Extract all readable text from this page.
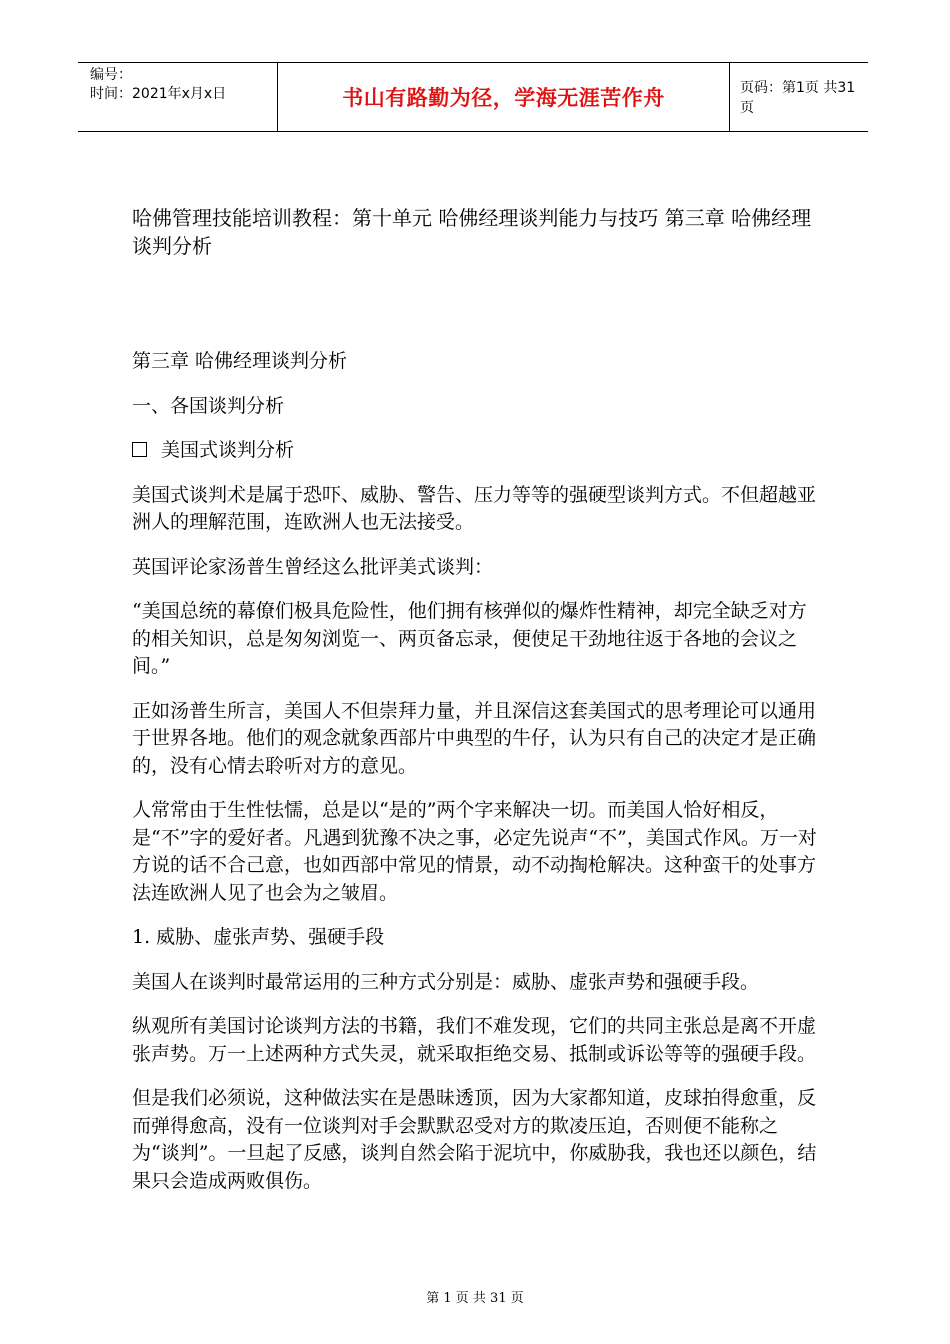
编号：
时间：2021年x月x日	书山有路勤为径，学海无涯苦作舟	页码：第1页 共31页

哈佛管理技能培训教程：第十单元 哈佛经理谈判能力与技巧 第三章 哈佛经理谈判分析

第三章 哈佛经理谈判分析

一、各国谈判分析

美国式谈判分析

美国式谈判术是属于恐吓、威胁、警告、压力等等的强硬型谈判方式。不但超越亚洲人的理解范围，连欧洲人也无法接受。

英国评论家汤普生曾经这么批评美式谈判：

“美国总统的幕僚们极具危险性，他们拥有核弹似的爆炸性精神，却完全缺乏对方的相关知识，总是匆匆浏览一、两页备忘录，便使足干劲地往返于各地的会议之间。”

正如汤普生所言，美国人不但崇拜力量，并且深信这套美国式的思考理论可以通用于世界各地。他们的观念就象西部片中典型的牛仔，认为只有自己的决定才是正确的，没有心情去聆听对方的意见。

人常常由于生性怯懦，总是以“是的”两个字来解决一切。而美国人恰好相反，是“不”字的爱好者。凡遇到犹豫不决之事，必定先说声“不”，美国式作风。万一对方说的话不合己意，也如西部中常见的情景，动不动掏枪解决。这种蛮干的处事方法连欧洲人见了也会为之皱眉。

1. 威胁、虚张声势、强硬手段

美国人在谈判时最常运用的三种方式分别是：威胁、虚张声势和强硬手段。

纵观所有美国讨论谈判方法的书籍，我们不难发现，它们的共同主张总是离不开虚张声势。万一上述两种方式失灵，就采取拒绝交易、抵制或诉讼等等的强硬手段。

但是我们必须说，这种做法实在是愚昧透顶，因为大家都知道，皮球拍得愈重，反而弹得愈高，没有一位谈判对手会默默忍受对方的欺凌压迫，否则便不能称之为“谈判”。一旦起了反感，谈判自然会陷于泥坑中，你威胁我，我也还以颜色，结果只会造成两败俱伤。

第 1 页 共 31 页
